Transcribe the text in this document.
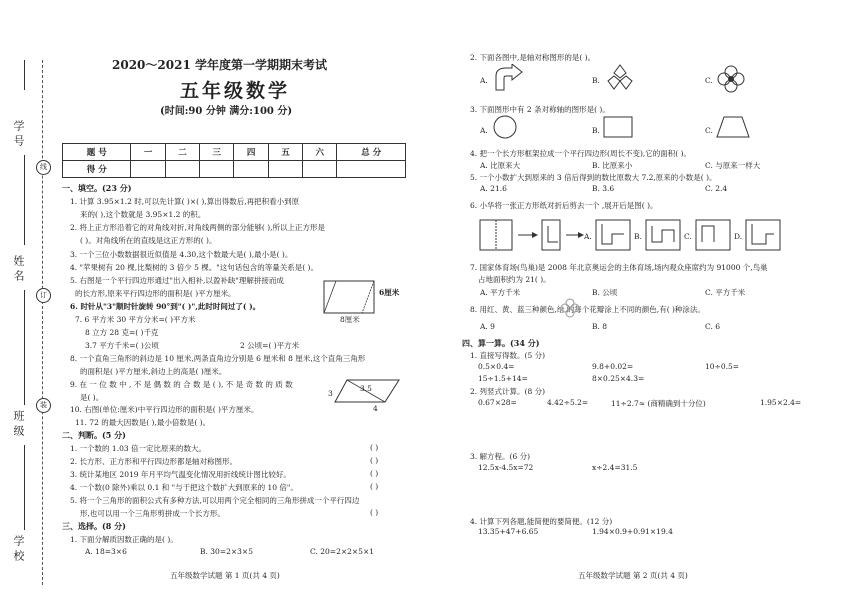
学号
姓名
班级
学校
线
订
装
2020～2021 学年度第一学期期末考试
五年级数学
(时间:90 分钟 满分:100 分)
题 号	一	二	三	四	五	六	总 分
得 分							
一、填空。(23 分)
1. 计算 3.95×1.2 时,可以先计算( )×( ),算出得数后,再把积看小到原
来的( ),这个数就是 3.95×1.2 的积。
2. 将上正方形沿着它的对角线对折,对角线两侧的部分能够( ),所以上正方形是
( )。对角线所在的直线是这正方形的( )。
3. 一个三位小数数据很近似值是 4.30,这个数最大是( ),最小是( )。
4. "苹果树有 20 棵,比梨树的 3 倍少 5 棵。"这句话包含的等量关系是( )。
5. 右图是一个平行四边形通过"出入相补,以盈补缺"理解拼接而成
的长方形,原来平行四边形的面积是( )平方厘米。
6. 时针从"3"顺时针旋转 90°到"( )",此时时间过了( )。
6厘米
8厘米
7. 6 平方米 30 平方分米=( )平方米
8 立方 28 克=( )千克
3.7 平方千米=( )公顷	2 公顷=( )平方米
8. 一个直角三角形的斜边是 10 厘米,两条直角边分别是 6 厘米和 8 厘米,这个直角三角形
的面积是( )平方厘米,斜边上的高是( )厘米。
9. 在 一 位 数 中 , 不 是 偶 数 的 合 数 是 ( ), 不 是 奇 数 的 质 数
是( )。	3
3.5
4
10. 右图(单位:厘米)中平行四边形的面积是( )平方厘米。
11. 72 的最大因数是( ),最小倍数是( )。
二、判断。(5 分)
1. 一个数的 1.03 倍一定比原来的数大。	( )
2. 长方形、正方形和平行四边形都是轴对称图形。	( )
3. 统计某地区 2019 年月平均气温变化情况用折线统计图比较好。	( )
4. 一个数(0 除外)乘以 0.1 和 "与于把这个数扩大到原来的 10 倍"。	( )
5. 将一个三角形的面积公式有多种方法,可以用两个完全相同的三角形拼成一个平行四边
形,也可以用一个三角形剪拼成一个长方形。	( )
三、选择。(8 分)
1. 下面分解质因数正确的是( )。
A. 18=3×6	B. 30=2×3×5	C. 20=2×2×5×1
五年级数学试题 第 1 页(共 4 页)
2. 下面各图中,是轴对称图形的是( )。
A.	B.	C.
3. 下面图形中有 2 条对称轴的图形是( )。
A.	B.	C.
4. 把一个长方形框架拉成一个平行四边形(周长不变),它的面积( )。
A. 比原来大	B. 比原来小	C. 与原来一样大
5. 一个小数扩大到原来的 3 倍后得到的数比原数大 7.2,原来的小数是( )。
A. 21.6	B. 3.6	C. 2.4
6. 小华将一张正方形纸对折后剪去一个 ,展开后是图( )。
A.	B.	C.	D.
7. 国家体育场(鸟巢)是 2008 年北京奥运会的主体育场,场内观众座席约为 91000 个,鸟巢
占地面积约为 21( )。
A. 平方千米	B. 公顷	C. 平方千米
8. 用红、黄、蓝三种颜色,给 的每个花瓣涂上不同的颜色,有( )种涂法。
A. 9	B. 8	C. 6
四、算一算。(34 分)
1. 直接写得数。(5 分)
0.5×0.4=	9.8+0.02=	10÷0.5=
15÷1.5+14=	8×0.25×4.3=
2. 列竖式计算。(8 分)
0.67×28=	4.42÷5.2=	11÷2.7≈ (商精确到十分位)	1.95×2.4=
3. 解方程。(6 分)
12.5x-4.5x=72	x÷2.4=31.5
4. 计算下列各题,能简便的要简便。(12 分)
13.35+47+6.65	1.94×0.9+0.91×19.4
五年级数学试题 第 2 页(共 4 页)
